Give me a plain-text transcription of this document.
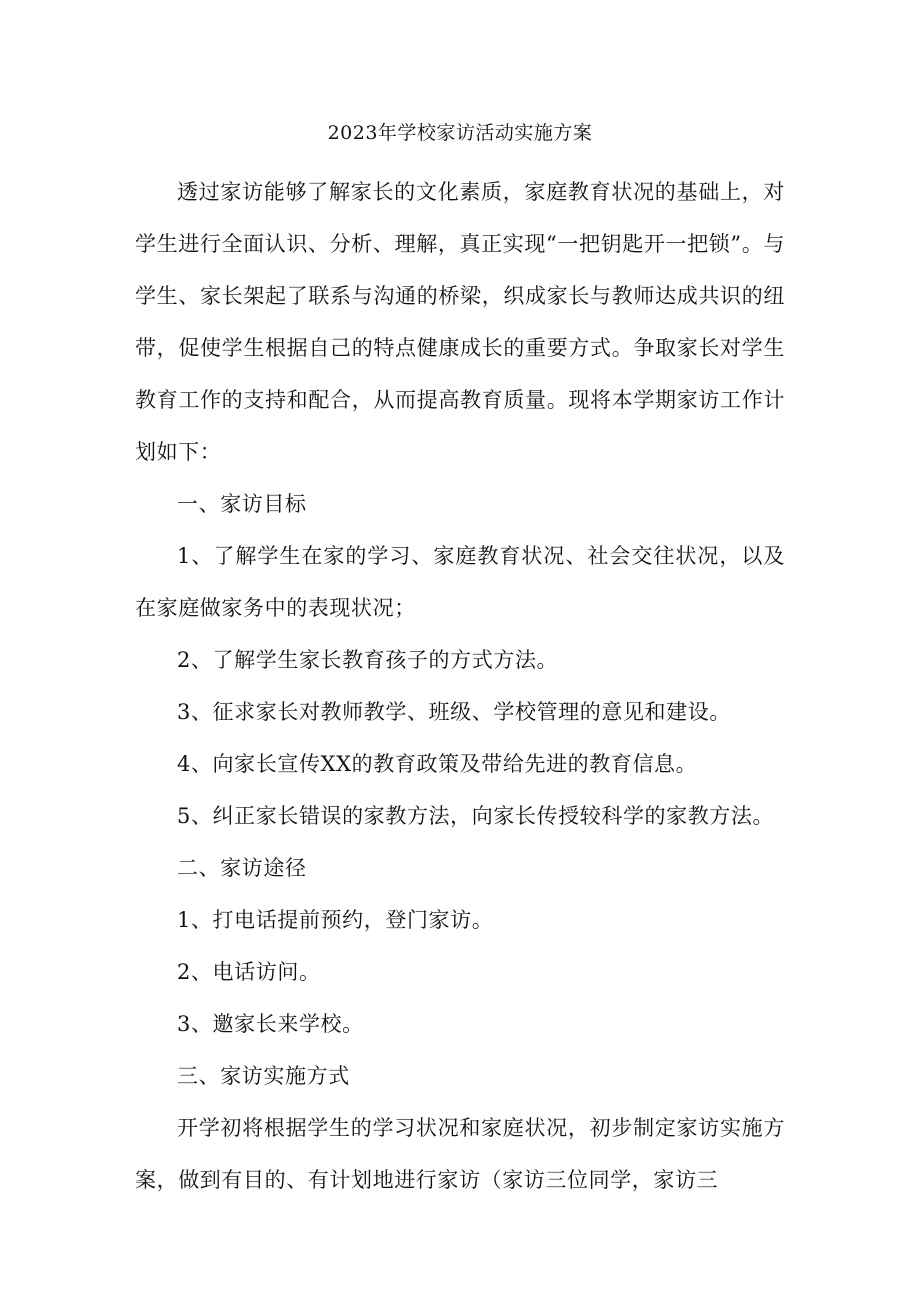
2023年学校家访活动实施方案

透过家访能够了解家长的文化素质，家庭教育状况的基础上，对学生进行全面认识、分析、理解，真正实现“一把钥匙开一把锁”。与学生、家长架起了联系与沟通的桥梁，织成家长与教师达成共识的纽带，促使学生根据自己的特点健康成长的重要方式。争取家长对学生教育工作的支持和配合，从而提高教育质量。现将本学期家访工作计划如下：

一、家访目标

1、了解学生在家的学习、家庭教育状况、社会交往状况，以及在家庭做家务中的表现状况；

2、了解学生家长教育孩子的方式方法。

3、征求家长对教师教学、班级、学校管理的意见和建设。

4、向家长宣传XX的教育政策及带给先进的教育信息。

5、纠正家长错误的家教方法，向家长传授较科学的家教方法。

二、家访途径

1、打电话提前预约，登门家访。

2、电话访问。

3、邀家长来学校。

三、家访实施方式

开学初将根据学生的学习状况和家庭状况，初步制定家访实施方案，做到有目的、有计划地进行家访（家访三位同学，家访三
